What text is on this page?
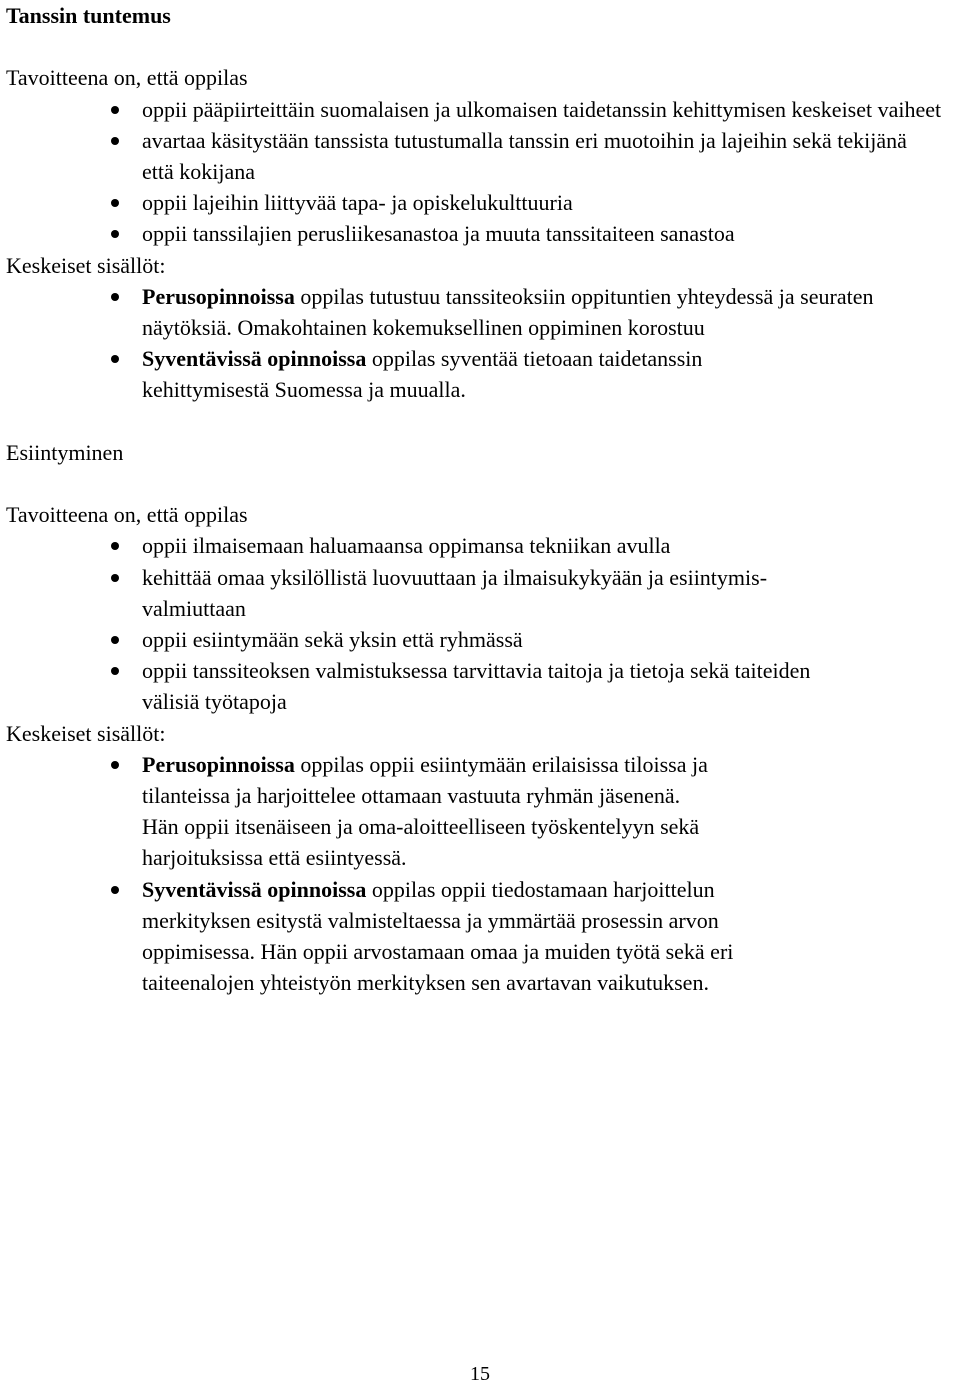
Tanssin tuntemus
Tavoitteena on, että oppilas
oppii pääpiirteittäin suomalaisen ja ulkomaisen taidetanssin kehittymisen keskeiset vaiheet
avartaa käsitystään tanssista tutustumalla tanssin eri muotoihin ja lajeihin sekä tekijänä että kokijana
oppii lajeihin liittyvää tapa- ja opiskelukulttuuria
oppii tanssilajien perusliikesanastoa ja muuta tanssitaiteen sanastoa
Keskeiset sisällöt:
Perusopinnoissa oppilas tutustuu tanssiteoksiin oppituntien yhteydessä ja seuraten näytöksiä. Omakohtainen kokemuksellinen oppiminen korostuu
Syventävissä opinnoissa oppilas syventää tietoaan taidetanssin kehittymisestä Suomessa ja muualla.
Esiintyminen
Tavoitteena on, että oppilas
oppii ilmaisemaan haluamaansa oppimansa tekniikan avulla
kehittää omaa yksilöllistä luovuuttaan ja ilmaisukykyään ja esiintymis-valmiuttaan
oppii esiintymään sekä yksin että ryhmässä
oppii tanssiteoksen valmistuksessa tarvittavia taitoja ja tietoja sekä taiteiden välisiä työtapoja
Keskeiset sisällöt:
Perusopinnoissa oppilas oppii esiintymään erilaisissa tiloissa ja tilanteissa ja harjoittelee ottamaan vastuuta ryhmän jäsenenä. Hän oppii itsenäiseen ja oma-aloitteelliseen työskentelyyn sekä harjoituksissa että esiintyessä.
Syventävissä opinnoissa oppilas oppii tiedostamaan harjoittelun merkityksen esitystä valmisteltaessa ja ymmärtää prosessin arvon oppimisessa. Hän oppii arvostamaan omaa ja muiden työtä sekä eri taiteenalojen yhteistyön merkityksen sen avartavan vaikutuksen.
15
